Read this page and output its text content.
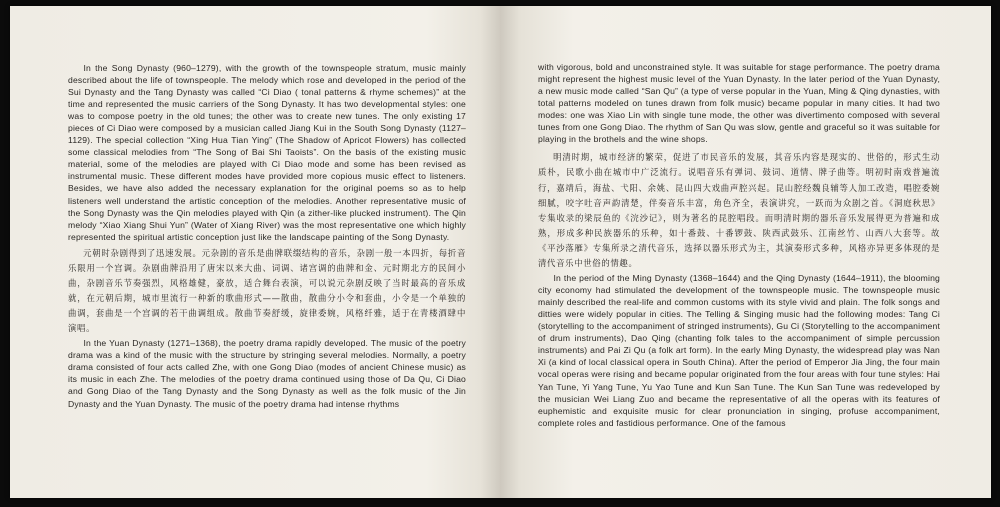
In the Song Dynasty (960–1279), with the growth of the townspeople stratum, music mainly described about the life of townspeople. The melody which rose and developed in the period of the Sui Dynasty and the Tang Dynasty was called “Ci Diao ( tonal patterns & rhyme schemes)” at the time and represented the music carriers of the Song Dynasty. It has two developmental styles: one was to compose poetry in the old tunes; the other was to create new tunes. The only existing 17 pieces of Ci Diao were composed by a musician called Jiang Kui in the South Song Dynasty (1127–1129). The special collection “Xing Hua Tian Ying” (The Shadow of Apricot Flowers) has collected some classical melodies from “The Song of Bai Shi Taoists”. On the basis of the existing music material, some of the melodies are played with Ci Diao mode and some has been revised as instrumental music. These different modes have provided more copious music effect to listeners. Besides, we have also added the necessary explanation for the original poems so as to help listeners well understand the artistic conception of the melodies. Another representative music of the Song Dynasty was the Qin melodies played with Qin (a zither-like plucked instrument). The Qin melody “Xiao Xiang Shui Yun” (Water of Xiang River) was the most representative one which highly represented the spiritual artistic conception just like the landscape painting of the Song Dynasty.

元朝时杂剧得到了迅速发展。元杂剧的音乐是曲牌联缀结构的音乐，杂剧一般一本四折，每折音乐限用一个宫调。杂剧曲牌沿用了唐宋以来大曲、词调、诸宫调的曲牌和金、元时期北方的民间小曲，杂剧音乐节奏强烈，风格雄健，豪放，适合舞台表演，可以说元杂剧反映了当时最高的音乐成就，在元朝后期，城市里流行一种新的歌曲形式——散曲，散曲分小令和套曲，小令是一个单独的曲调，套曲是一个宫调的若干曲调组成。散曲节奏舒缓，旋律委婉，风格纤雅，适于在青楼酒肆中演唱。

In the Yuan Dynasty (1271–1368), the poetry drama rapidly developed. The music of the poetry drama was a kind of the music with the structure by stringing several melodies. Normally, a poetry drama consisted of four acts called Zhe, with one Gong Diao (modes of ancient Chinese music) as its music in each Zhe. The melodies of the poetry drama continued using those of Da Qu, Ci Diao and Gong Diao of the Tang Dynasty and the Song Dynasty as well as the folk music of the Jin Dynasty and the Yuan Dynasty. The music of the poetry drama had intense rhythms

with vigorous, bold and unconstrained style. It was suitable for stage performance. The poetry drama might represent the highest music level of the Yuan Dynasty. In the later period of the Yuan Dynasty, a new music mode called “San Qu” (a type of verse popular in the Yuan, Ming & Qing dynasties, with total patterns modeled on tunes drawn from folk music) became popular in many cities. It had two modes: one was Xiao Lin with single tune mode, the other was divertimento composed with several tunes from one Gong Diao. The rhythm of San Qu was slow, gentle and graceful so it was suitable for playing in the brothels and the wine shops.

明清时期，城市经济的繁荣，促进了市民音乐的发展，其音乐内容是现实的、世俗的，形式生动质朴，民歌小曲在城市中广泛流行。说唱音乐有弹词、鼓词、道情、牌子曲等。明初时南戏普遍流行，嘉靖后，海盐、弋阳、余姚、昆山四大戏曲声腔兴起。昆山腔经魏良辅等人加工改造，唱腔委婉细腻，咬字吐音声韵清楚，伴奏音乐丰富，角色齐全，表演讲究，一跃而为众剧之首。《洞庭秋思》专集收录的梁辰鱼的《浣沙记》，则为著名的昆腔唱段。而明清时期的器乐音乐发展得更为普遍和成熟，形成多种民族器乐的乐种，如十番鼓、十番锣鼓、陕西武鼓乐、江南丝竹、山西八大套等。故《平沙落雁》专集所录之清代音乐，选择以器乐形式为主，其演奏形式多种，风格亦异更多体现的是清代音乐中世俗的情趣。

In the period of the Ming Dynasty (1368–1644) and the Qing Dynasty (1644–1911), the blooming city economy had stimulated the development of the townspeople music. The townspeople music mainly described the real-life and common customs with its style vivid and plain. The folk songs and ditties were widely popular in cities. The Telling & Singing music had the following modes: Tang Ci (storytelling to the accompaniment of stringed instruments), Gu Ci (Storytelling to the accompaniment of drum instruments), Dao Qing (chanting folk tales to the accompaniment of simple percussion instruments) and Pai Zi Qu (a folk art form). In the early Ming Dynasty, the widespread play was Nan Xi (a kind of local classical opera in South China). After the period of Emperor Jia Jing, the four main vocal operas were rising and became popular originated from the four areas with four tune styles: Hai Yan Tune, Yi Yang Tune, Yu Yao Tune and Kun San Tune. The Kun San Tune was redeveloped by the musician Wei Liang Zuo and became the representative of all the operas with its features of euphemistic and exquisite music for clear pronunciation in singing, profuse accompaniment, complete roles and fastidious performance. One of the famous
